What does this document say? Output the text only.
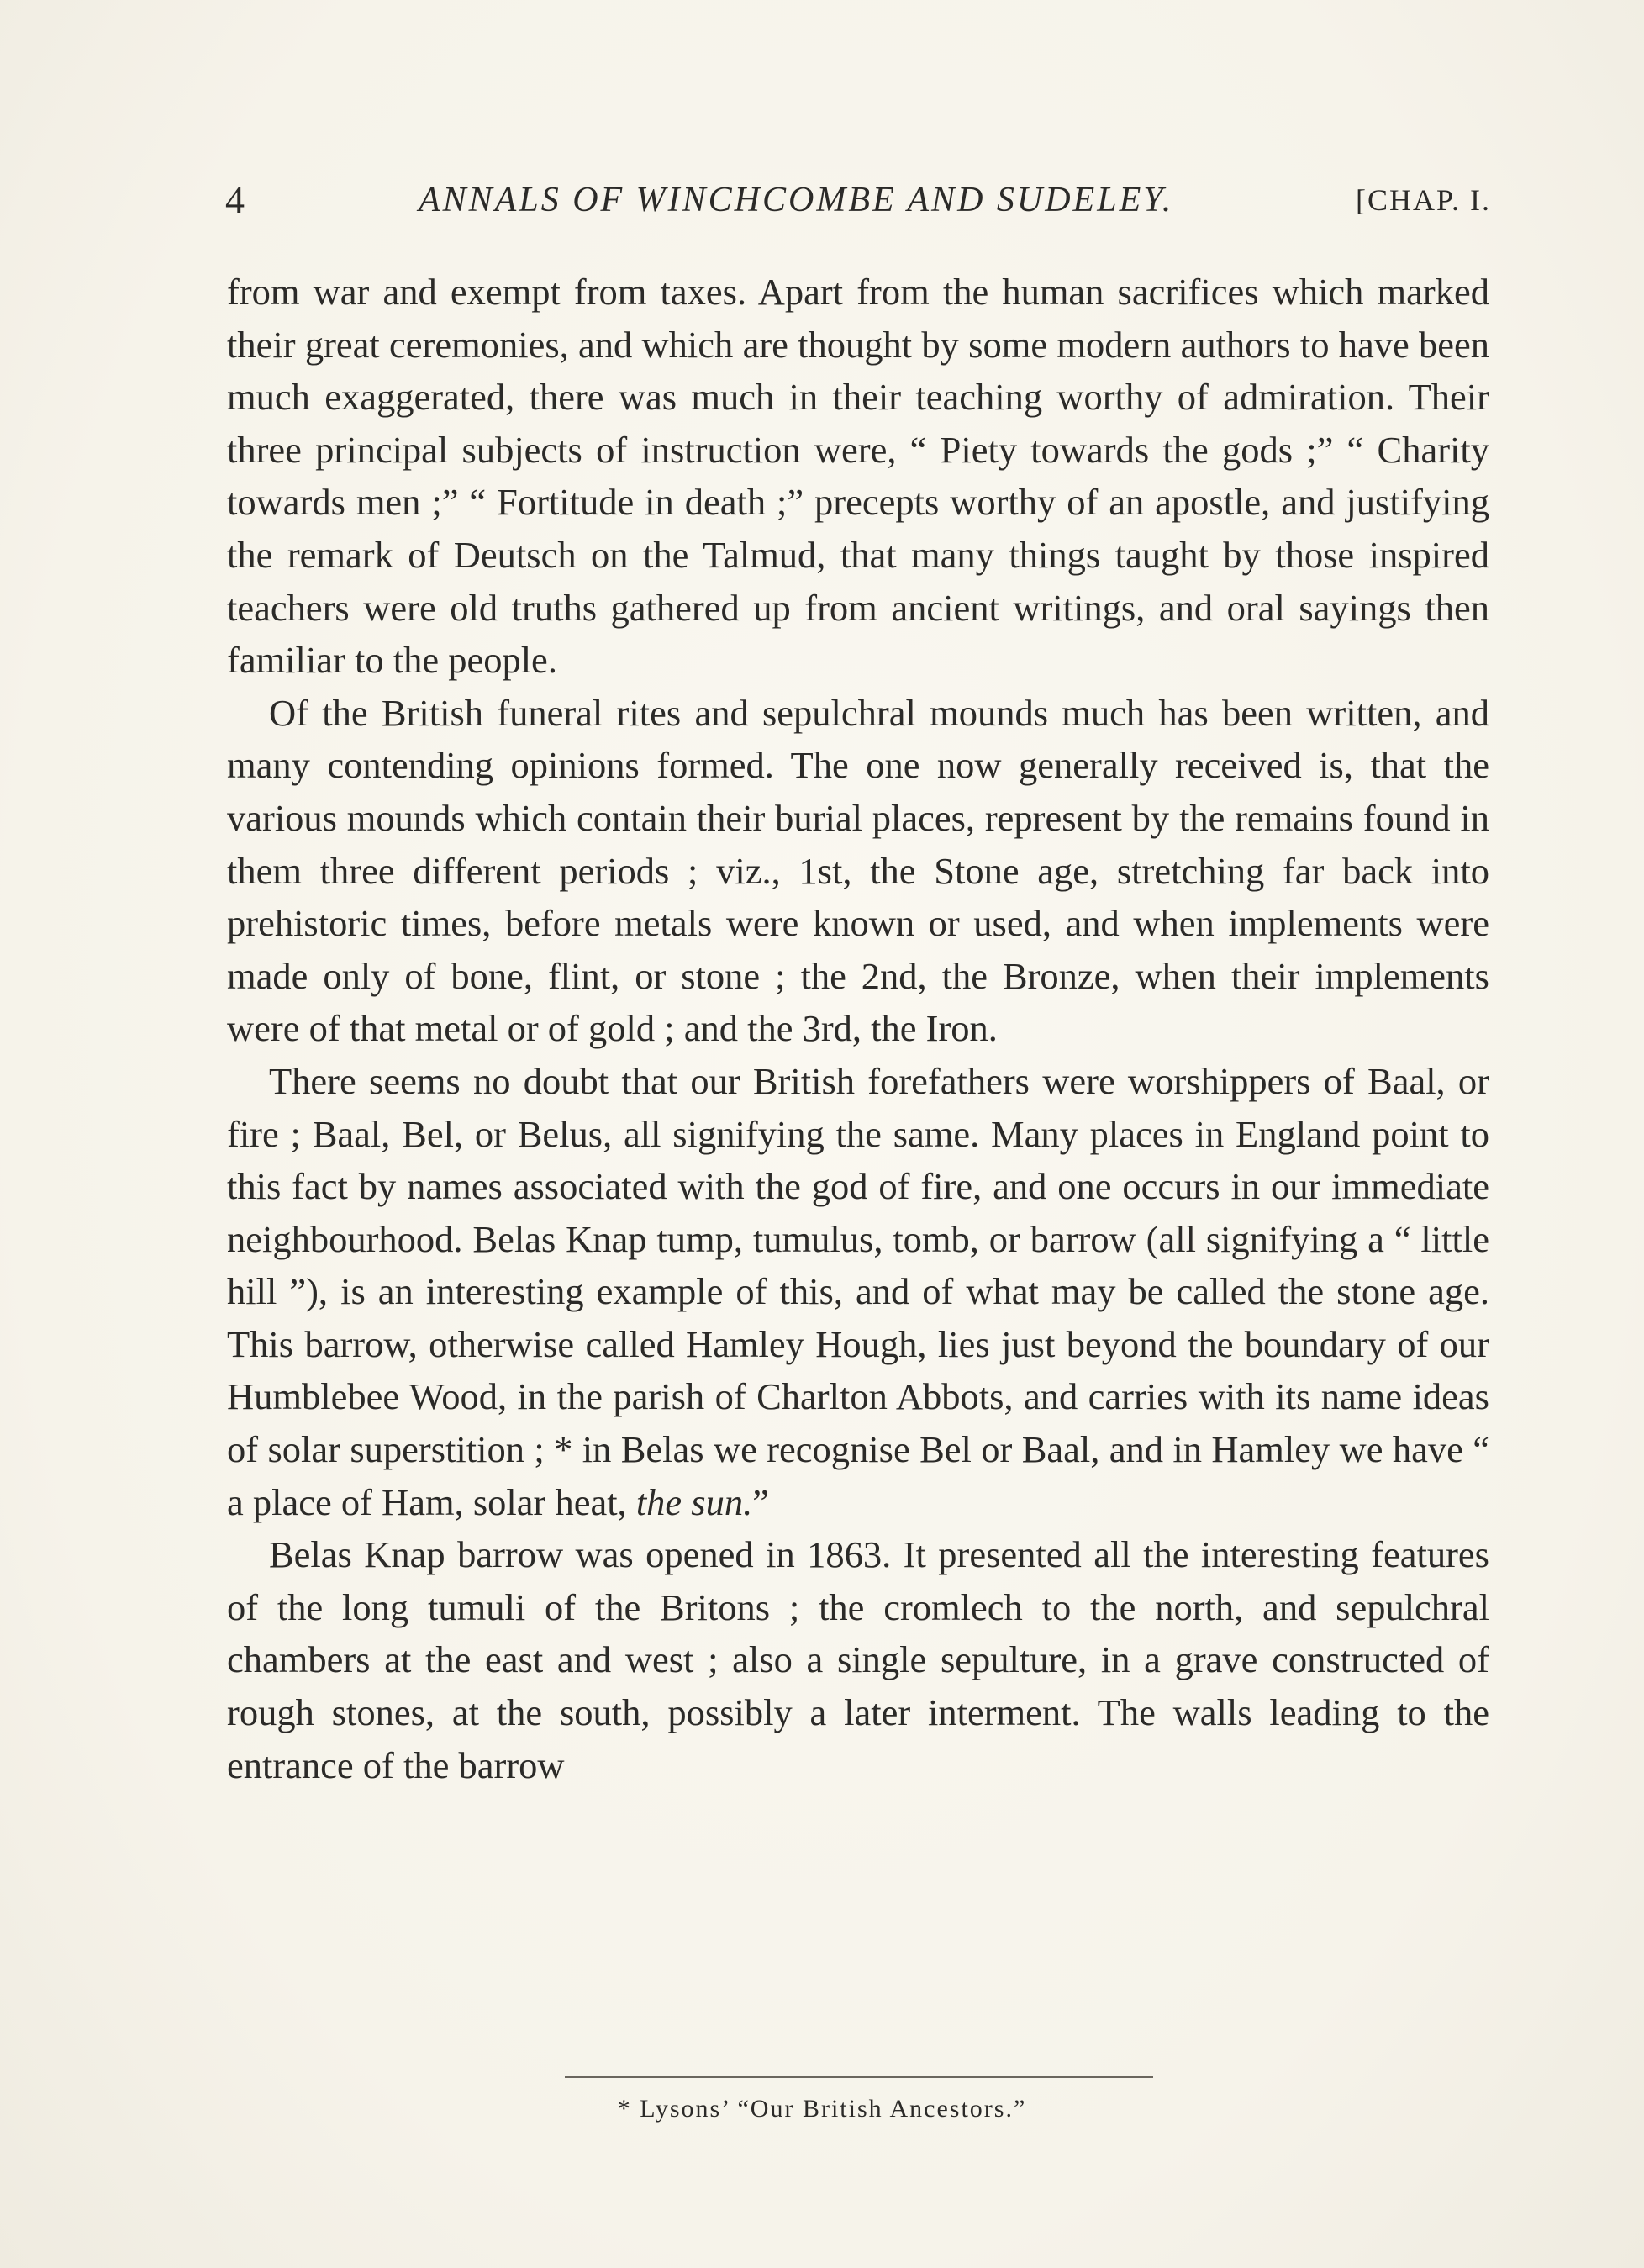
4	ANNALS OF WINCHCOMBE AND SUDELEY.	[CHAP. I.

from war and exempt from taxes. Apart from the human sacrifices which marked their great ceremonies, and which are thought by some modern authors to have been much exaggerated, there was much in their teaching worthy of admiration. Their three principal subjects of instruction were, “ Piety towards the gods ;” “ Charity towards men ;” “ Fortitude in death ;” precepts worthy of an apostle, and justifying the remark of Deutsch on the Talmud, that many things taught by those inspired teachers were old truths gathered up from ancient writings, and oral sayings then familiar to the people.

Of the British funeral rites and sepulchral mounds much has been written, and many contending opinions formed. The one now generally received is, that the various mounds which contain their burial places, represent by the remains found in them three different periods ; viz., 1st, the Stone age, stretching far back into prehistoric times, before metals were known or used, and when implements were made only of bone, flint, or stone ; the 2nd, the Bronze, when their implements were of that metal or of gold ; and the 3rd, the Iron.

There seems no doubt that our British forefathers were worshippers of Baal, or fire ; Baal, Bel, or Belus, all signifying the same. Many places in England point to this fact by names associated with the god of fire, and one occurs in our immediate neighbourhood. Belas Knap tump, tumulus, tomb, or barrow (all signifying a “ little hill ”), is an interesting example of this, and of what may be called the stone age. This barrow, otherwise called Hamley Hough, lies just beyond the boundary of our Humblebee Wood, in the parish of Charlton Abbots, and carries with its name ideas of solar superstition ; * in Belas we recognise Bel or Baal, and in Hamley we have “ a place of Ham, solar heat, the sun.”

Belas Knap barrow was opened in 1863. It presented all the interesting features of the long tumuli of the Britons ; the cromlech to the north, and sepulchral chambers at the east and west ; also a single sepulture, in a grave constructed of rough stones, at the south, possibly a later interment. The walls leading to the entrance of the barrow

* Lysons’ “Our British Ancestors.”
